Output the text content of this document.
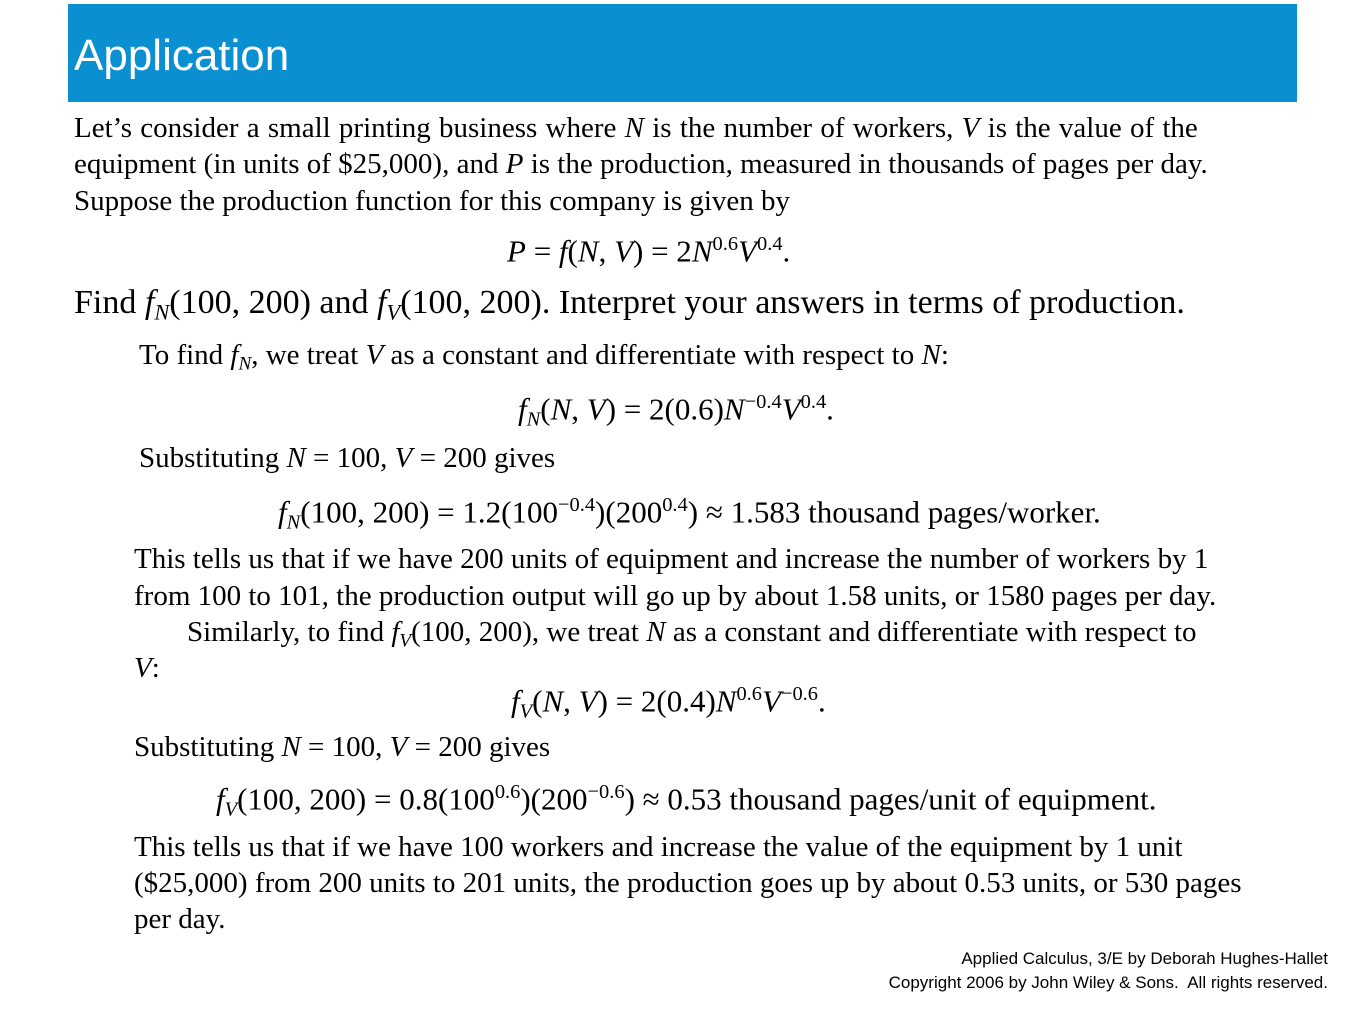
Application
Let’s consider a small printing business where N is the number of workers, V is the value of the
equipment (in units of $25,000), and P is the production, measured in thousands of pages per day.
Suppose the production function for this company is given by
P = f(N, $V) = 2N^{0.6}V^{0.4}$.
Find fN(100, 200) and fV(100, 200). Interpret your answers in terms of production.
To find fN, we treat V as a constant and differentiate with respect to N:
fN(N, $V) = 2(0.6)N^{-0.4}V^{0.4}$.
Substituting N = 100, V = 200 gives
fN(100, $200) = 1.2(100^{-0.4})(200^{0.4}) \approx 1.583$ thousand pages/worker.
This tells us that if we have 200 units of equipment and increase the number of workers by 1
from 100 to 101, the production output will go up by about 1.58 units, or 1580 pages per day.
Similarly, to find fV(100, 200), we treat N as a constant and differentiate with respect to
V:
fV(N, $V) = 2(0.4)N^{0.6}V^{-0.6}$.
Substituting N = 100, V = 200 gives
fV(100, $200) = 0.8(100^{0.6})(200^{-0.6}) \approx 0.53$ thousand pages/unit of equipment.
This tells us that if we have 100 workers and increase the value of the equipment by 1 unit
($25,000) from 200 units to 201 units, the production goes up by about 0.53 units, or 530 pages
per day.
Applied Calculus, 3/E by Deborah Hughes-Hallet
Copyright 2006 by John Wiley & Sons.  All rights reserved.
